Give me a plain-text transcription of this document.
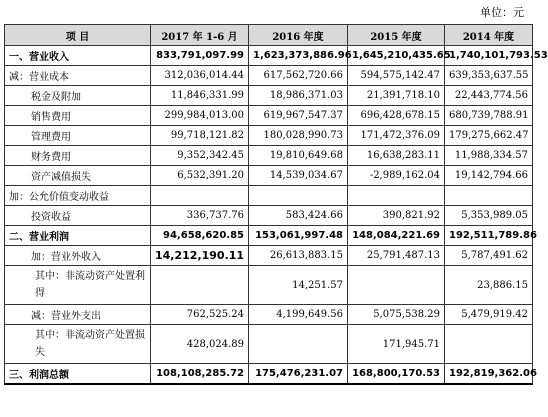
单位：元
项 目	2017 年 1-6 月	2016 年度	2015 年度	2014 年度
一、营业收入	833,791,097.99	1,623,373,886.96	1,645,210,435.65	1,740,101,793.53
减：营业成本	312,036,014.44	617,562,720.66	594,575,142.47	639,353,637.55
税金及附加	11,846,331.99	18,986,371.03	21,391,718.10	22,443,774.56
销售费用	299,984,013.00	619,967,547.37	696,428,678.15	680,739,788.91
管理费用	99,718,121.82	180,028,990.73	171,472,376.09	179,275,662.47
财务费用	9,352,342.45	19,810,649.68	16,638,283.11	11,988,334.57
资产减值损失	6,532,391.20	14,539,034.67	-2,989,162.04	19,142,794.66
加：公允价值变动收益				
投资收益	336,737.76	583,424.66	390,821.92	5,353,989.05
二、营业利润	94,658,620.85	153,061,997.48	148,084,221.69	192,511,789.86
加：营业外收入	14,212,190.11	26,613,883.15	25,791,487.13	5,787,491.62

其中：非流动资产处置利得		14,251.57		23,886.15
减：营业外支出	762,525.24	4,199,649.56	5,075,538.29	5,479,919.42

其中：非流动资产处置损失	428,024.89		171,945.71	
三、利润总额	108,108,285.72	175,476,231.07	168,800,170.53	192,819,362.06
